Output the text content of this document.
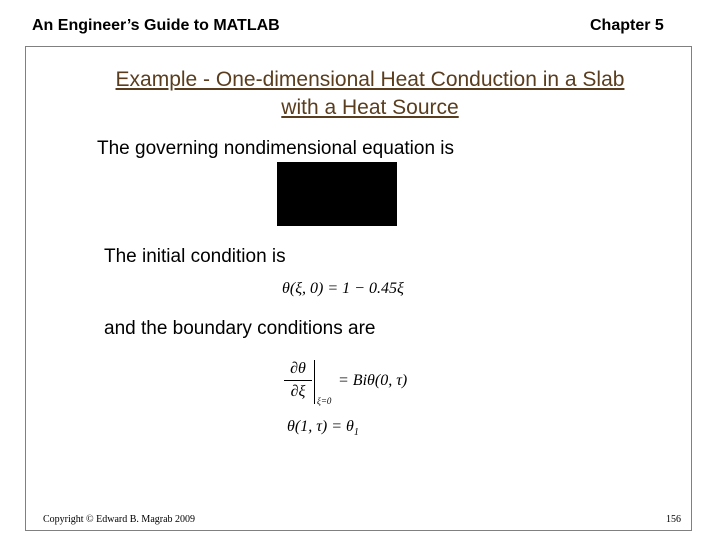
An Engineer’s Guide to MATLAB	Chapter 5
Example - One-dimensional Heat Conduction in a Slab
with a Heat Source
The governing nondimensional equation is
The initial condition is
θ(ξ, 0) = 1 − 0.45ξ
and the boundary conditions are
∂θ
∂ξ
ξ=0
= Biθ(0, τ)
θ(1, $\tau) = \theta_1$
Copyright © Edward B. Magrab 2009	156
